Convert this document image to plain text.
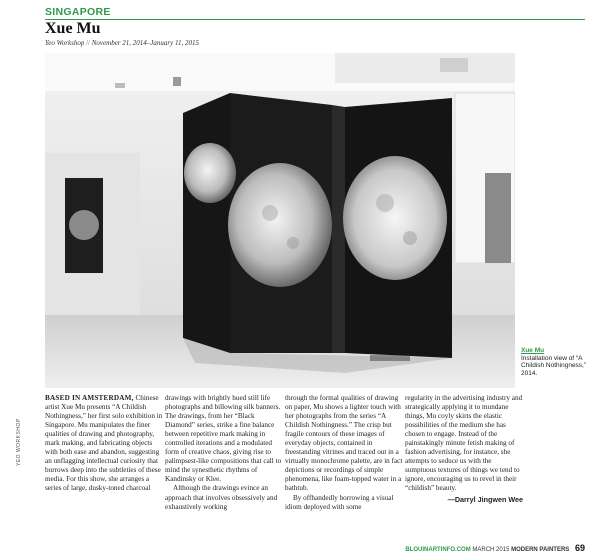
SINGAPORE
Xue Mu
Yeo Workshop // November 21, 2014–January 11, 2015
Xue Mu
Installation view of “A Childish Nothingness,” 2014.
YEO WORKSHOP

BASED IN AMSTERDAM, Chinese artist Xue Mu presents “A Childish Nothingness,” her first solo exhibition in Singapore. Mu manipulates the finer qualities of drawing and photography, mark making, and fabricating objects with both ease and abandon, suggesting an unflagging intellectual curiosity that burrows deep into the subtleties of these media. For this show, she arranges a series of large, dusky-toned charcoal

drawings with brightly hued still life photographs and billowing silk banners. The drawings, from her “Black Diamond” series, strike a fine balance between repetitive mark making in controlled iterations and a modulated form of creative chaos, giving rise to palimpsest-like compositions that call to mind the synesthetic rhythms of Kandinsky or Klee.

Although the drawings evince an approach that involves obsessively and exhaustively working

through the formal qualities of drawing on paper, Mu shows a lighter touch with her photographs from the series “A Childish Nothingness.” The crisp but fragile contours of these images of everyday objects, contained in freestanding vitrines and traced out in a virtually monochrome palette, are in fact depictions or recordings of simple phenomena, like foam-topped water in a bathtub.

By offhandedly borrowing a visual idiom deployed with some

regularity in the advertising industry and strategically applying it to mundane things, Mu coyly skirts the elastic possibilities of the medium she has chosen to engage. Instead of the painstakingly minute fetish making of fashion advertising, for instance, she attempts to seduce us with the sumptuous textures of things we tend to ignore, encouraging us to revel in their “childish” beauty.

—Darryl Jingwen Wee
BLOUINARTINFO.COM MARCH 2015 MODERN PAINTERS 69
